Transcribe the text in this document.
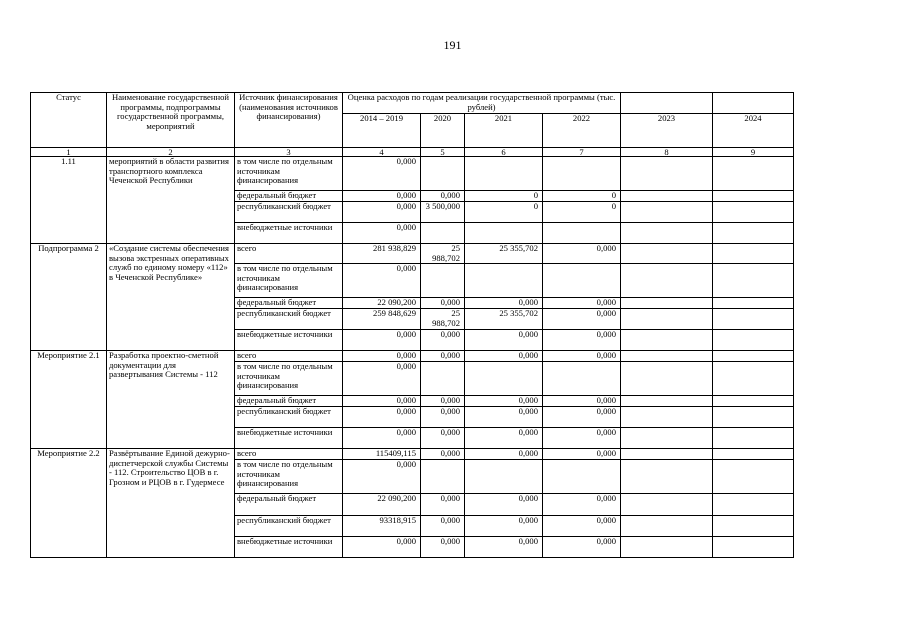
191
Статус	Наименование государственной программы, подпрограммы государственной программы, мероприятий	Источник финансирования (наименования источников финансирования)	Оценка расходов по годам реализации государственной программы (тыс. рублей)					
			2014 – 2019	2020	2021	2022	2023	2024
1	2	3	4	5	6	7	8	9
1.11	мероприятий в области развития транспортного комплекса Чеченской Республики	в том числе по отдельным источникам финансирования	0,000					
		федеральный бюджет	0,000	0,000	0	0		
		республиканский бюджет	0,000	3 500,000	0	0		
		внебюджетные источники	0,000					
Подпрограмма 2	«Создание системы обеспечения вызова экстренных оперативных служб по единому номеру «112» в Чеченской Республике»	всего	281 938,829	25 988,702	25 355,702	0,000		
		в том числе по отдельным источникам финансирования	0,000					
		федеральный бюджет	22 090,200	0,000	0,000	0,000		
		республиканский бюджет	259 848,629	25 988,702	25 355,702	0,000		
		внебюджетные источники	0,000	0,000	0,000	0,000		
Мероприятие 2.1	Разработка проектно-сметной документации для развертывания Системы - 112	всего	0,000	0,000	0,000	0,000		
		в том числе по отдельным источникам финансирования	0,000					
		федеральный бюджет	0,000	0,000	0,000	0,000		
		республиканский бюджет	0,000	0,000	0,000	0,000		
		внебюджетные источники	0,000	0,000	0,000	0,000		
Мероприятие 2.2	Развёртывание Единой дежурно-диспетчерской службы Системы - 112. Строительство ЦОВ в г. Грозном и РЦОВ в г. Гудермесе	всего	115409,115	0,000	0,000	0,000		
		в том числе по отдельным источникам финансирования	0,000					
		федеральный бюджет	22 090,200	0,000	0,000	0,000		
		республиканский бюджет	93318,915	0,000	0,000	0,000		
		внебюджетные источники	0,000	0,000	0,000	0,000		
